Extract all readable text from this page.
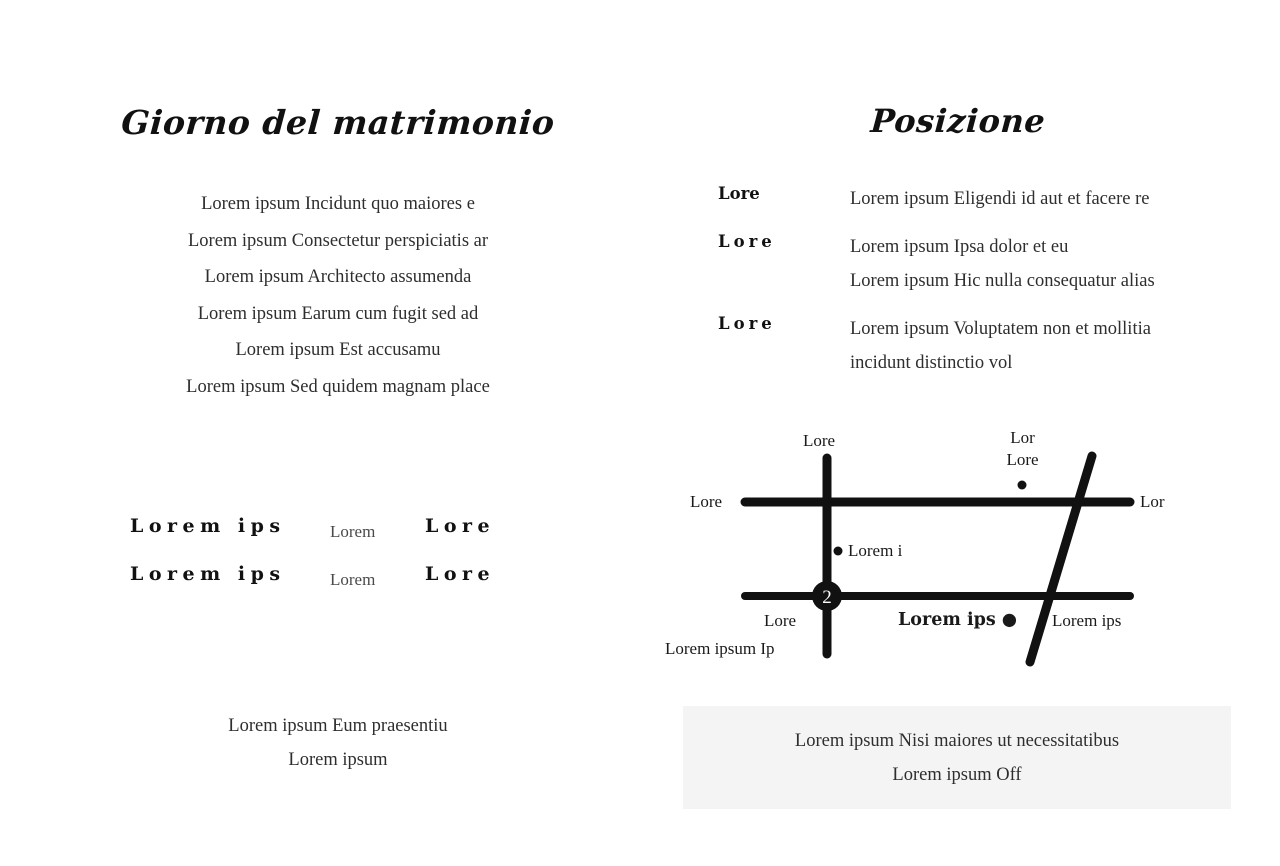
Giorno del matrimonio
Lorem ipsum Incidunt quo maiores e
Lorem ipsum Consectetur perspiciatis ar
Lorem ipsum Architecto assumenda
Lorem ipsum Earum cum fugit sed ad
Lorem ipsum Est accusamu
Lorem ipsum Sed quidem magnam place
Lorem ips	Lorem	Lore
Lorem ips	Lorem	Lore
Lorem ipsum Eum praesentiu
Lorem ipsum
Posizione
Lore	Lorem ipsum Eligendi id aut et facere re
Lore	Lorem ipsum Ipsa dolor et eu
Lorem ipsum Hic nulla consequatur alias
Lore	Lorem ipsum Voluptatem non et mollitia
incidunt distinctio vol
2
Lore
Lore	Lor
Lor
Lore
Lorem i
Lore
Lorem ipsum Ip
Lorem ips ● Lorem ips
Lorem ipsum Nisi maiores ut necessitatibus
Lorem ipsum Off
